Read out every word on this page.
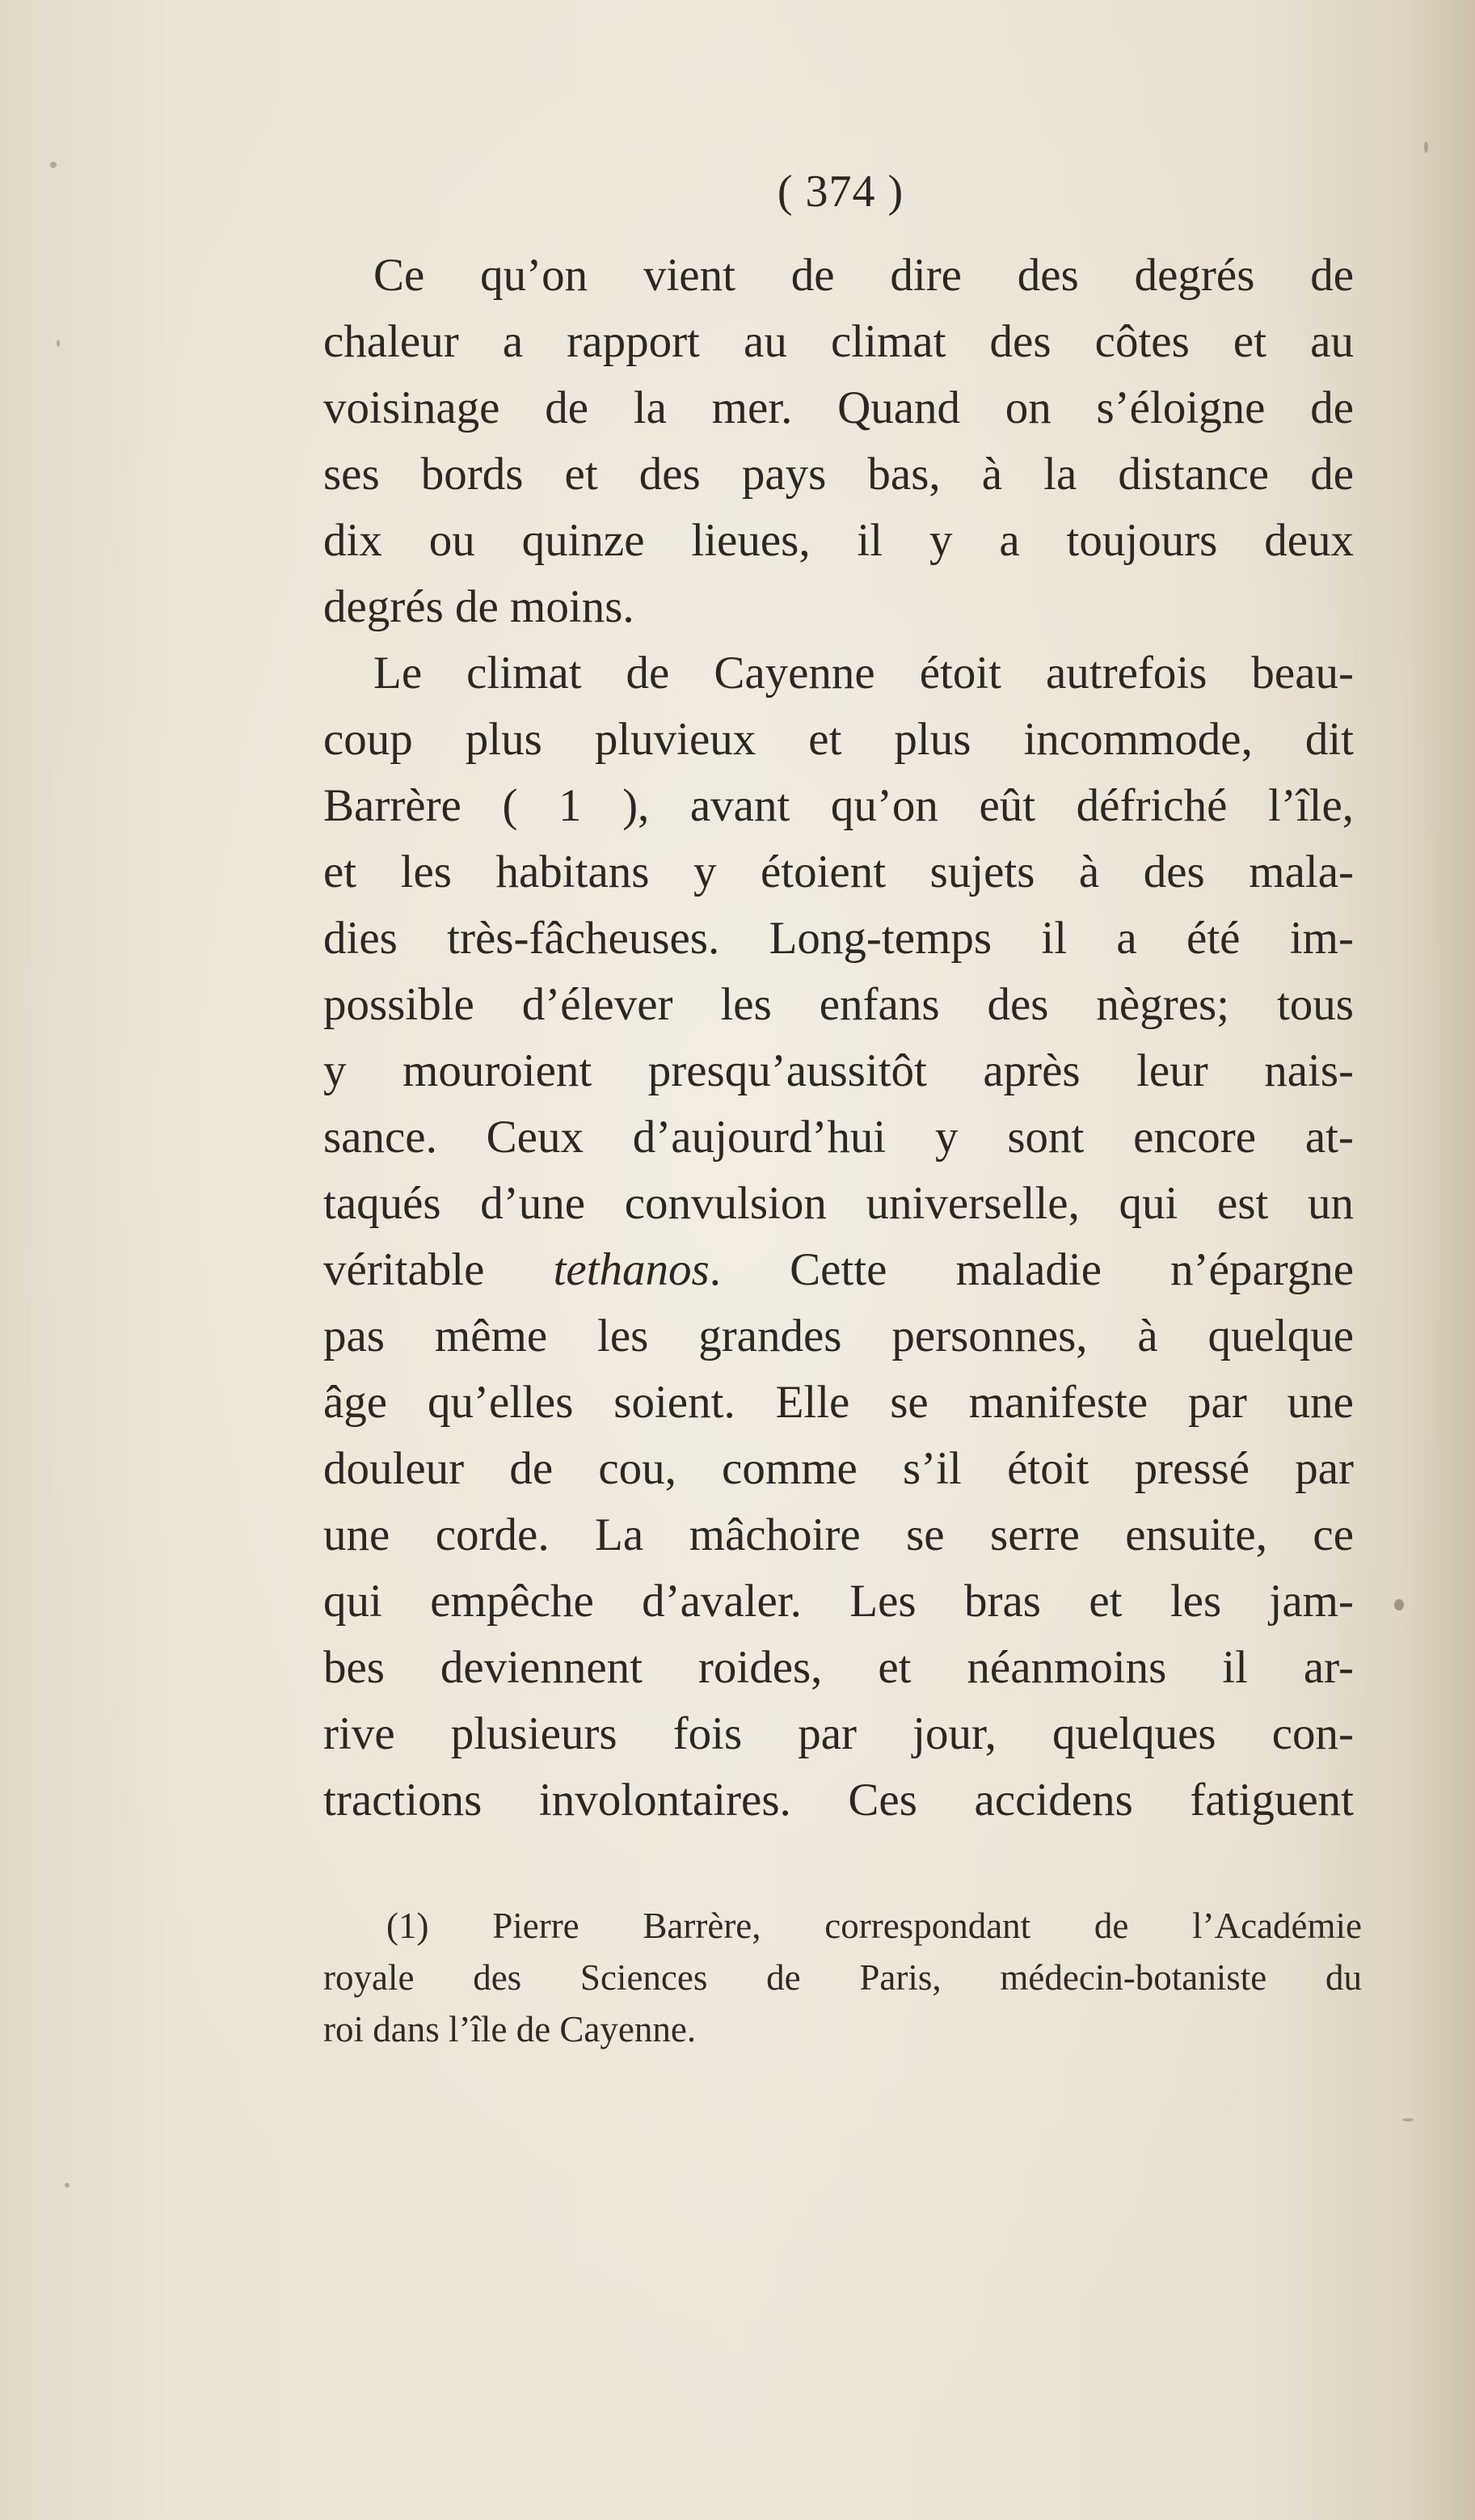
( 374 )
Ce qu’on vient de dire des degrés de
chaleur a rapport au climat des côtes et au
voisinage de la mer. Quand on s’éloigne de
ses bords et des pays bas, à la distance de
dix ou quinze lieues, il y a toujours deux
degrés de moins.
Le climat de Cayenne étoit autrefois beau-
coup plus pluvieux et plus incommode, dit
Barrère ( 1 ), avant qu’on eût défriché l’île,
et les habitans y étoient sujets à des mala-
dies très-fâcheuses. Long-temps il a été im-
possible d’élever les enfans des nègres; tous
y mouroient presqu’aussitôt après leur nais-
sance. Ceux d’aujourd’hui y sont encore at-
taqués d’une convulsion universelle, qui est un
véritable tethanos. Cette maladie n’épargne
pas même les grandes personnes, à quelque
âge qu’elles soient. Elle se manifeste par une
douleur de cou, comme s’il étoit pressé par
une corde. La mâchoire se serre ensuite, ce
qui empêche d’avaler. Les bras et les jam-
bes deviennent roides, et néanmoins il ar-
rive plusieurs fois par jour, quelques con-
tractions involontaires. Ces accidens fatiguent
(1) Pierre Barrère, correspondant de l’Académie
royale des Sciences de Paris, médecin-botaniste du
roi dans l’île de Cayenne.
